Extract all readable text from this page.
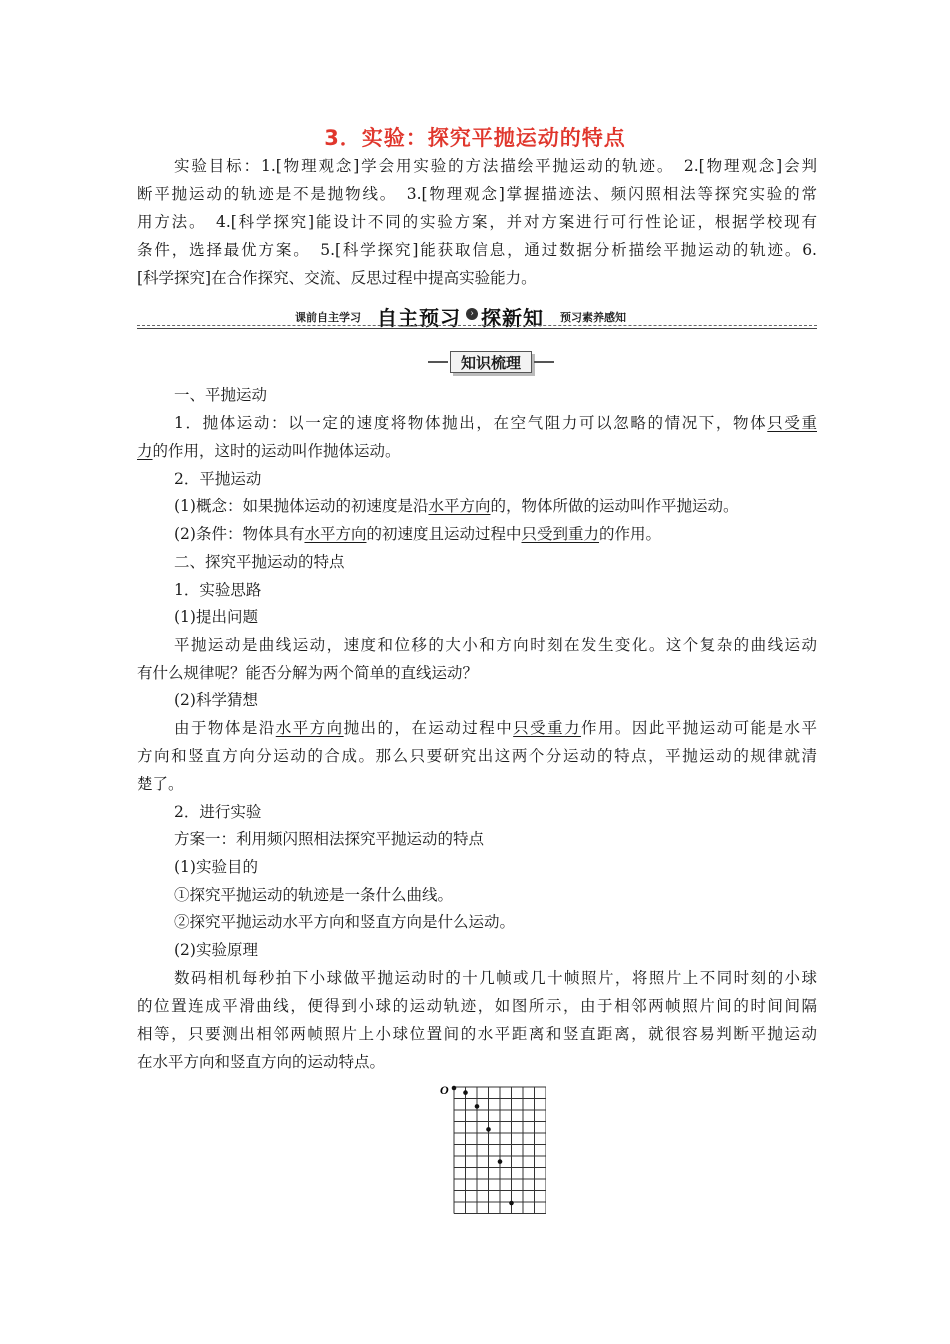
3．实验：探究平抛运动的特点
实验目标：1.[物理观念]学会用实验的方法描绘平抛运动的轨迹。　2.[物理观念]会判
断平抛运动的轨迹是不是抛物线。　3.[物理观念]掌握描迹法、频闪照相法等探究实验的常
用方法。　4.[科学探究]能设计不同的实验方案，并对方案进行可行性论证，根据学校现有
条件，选择最优方案。　5.[科学探究]能获取信息，通过数据分析描绘平抛运动的轨迹。6.
[科学探究]在合作探究、交流、反思过程中提高实验能力。
课前自主学习 自主预习	› 探新知 预习素养感知
知识梳理
一、平抛运动
1．抛体运动：以一定的速度将物体抛出，在空气阻力可以忽略的情况下，物体只受重
力的作用，这时的运动叫作抛体运动。
2．平抛运动
(1)概念：如果抛体运动的初速度是沿水平方向的，物体所做的运动叫作平抛运动。
(2)条件：物体具有水平方向的初速度且运动过程中只受到重力的作用。
二、探究平抛运动的特点
1．实验思路
(1)提出问题
平抛运动是曲线运动，速度和位移的大小和方向时刻在发生变化。这个复杂的曲线运动
有什么规律呢？能否分解为两个简单的直线运动？
(2)科学猜想
由于物体是沿水平方向抛出的，在运动过程中只受重力作用。因此平抛运动可能是水平
方向和竖直方向分运动的合成。那么只要研究出这两个分运动的特点，平抛运动的规律就清
楚了。
2．进行实验
方案一：利用频闪照相法探究平抛运动的特点
(1)实验目的
①探究平抛运动的轨迹是一条什么曲线。
②探究平抛运动水平方向和竖直方向是什么运动。
(2)实验原理
数码相机每秒拍下小球做平抛运动时的十几帧或几十帧照片，将照片上不同时刻的小球
的位置连成平滑曲线，便得到小球的运动轨迹，如图所示，由于相邻两帧照片间的时间间隔
相等，只要测出相邻两帧照片上小球位置间的水平距离和竖直距离，就很容易判断平抛运动
在水平方向和竖直方向的运动特点。
O
